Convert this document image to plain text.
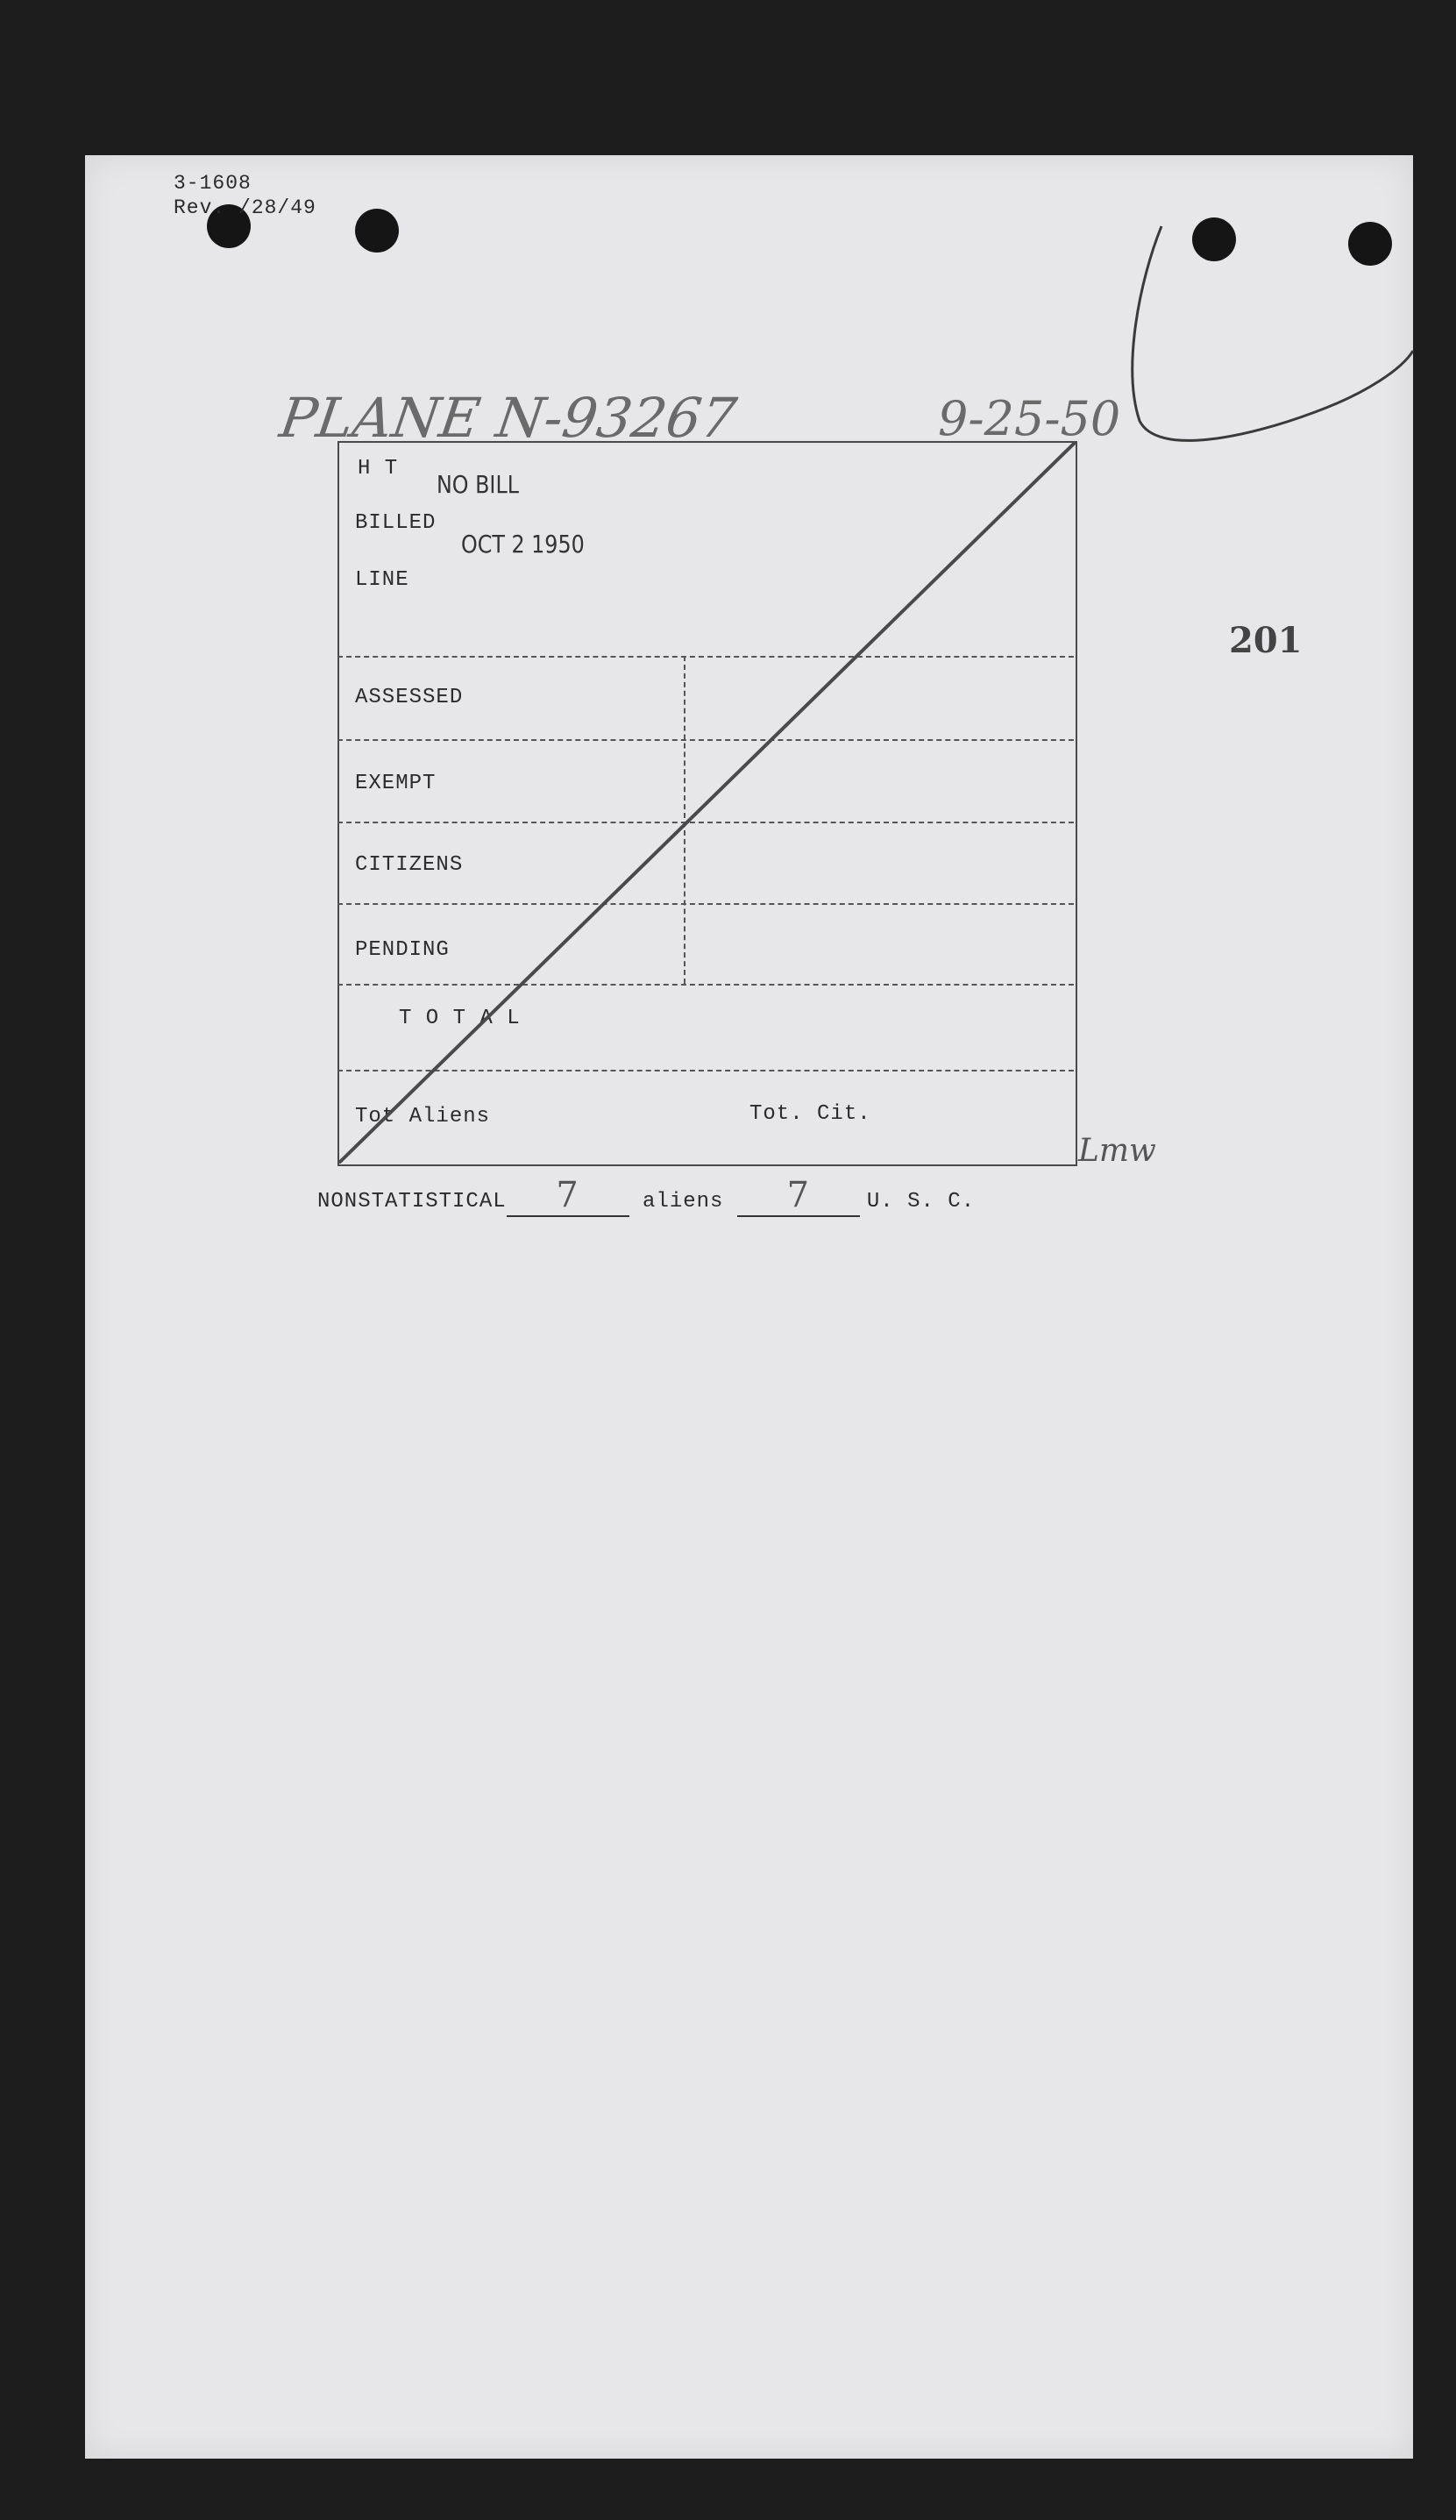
3-1608
Rev. /28/49
PLANE N-93267	9-25-50
201
H T
BILLED
LINE
NO BILL
OCT 2 1950
ASSESSED
EXEMPT
CITIZENS
PENDING
T O T A L
Tot Aliens	Tot. Cit.
Lmw
NONSTATISTICAL 7	aliens 7	U. S. C.
